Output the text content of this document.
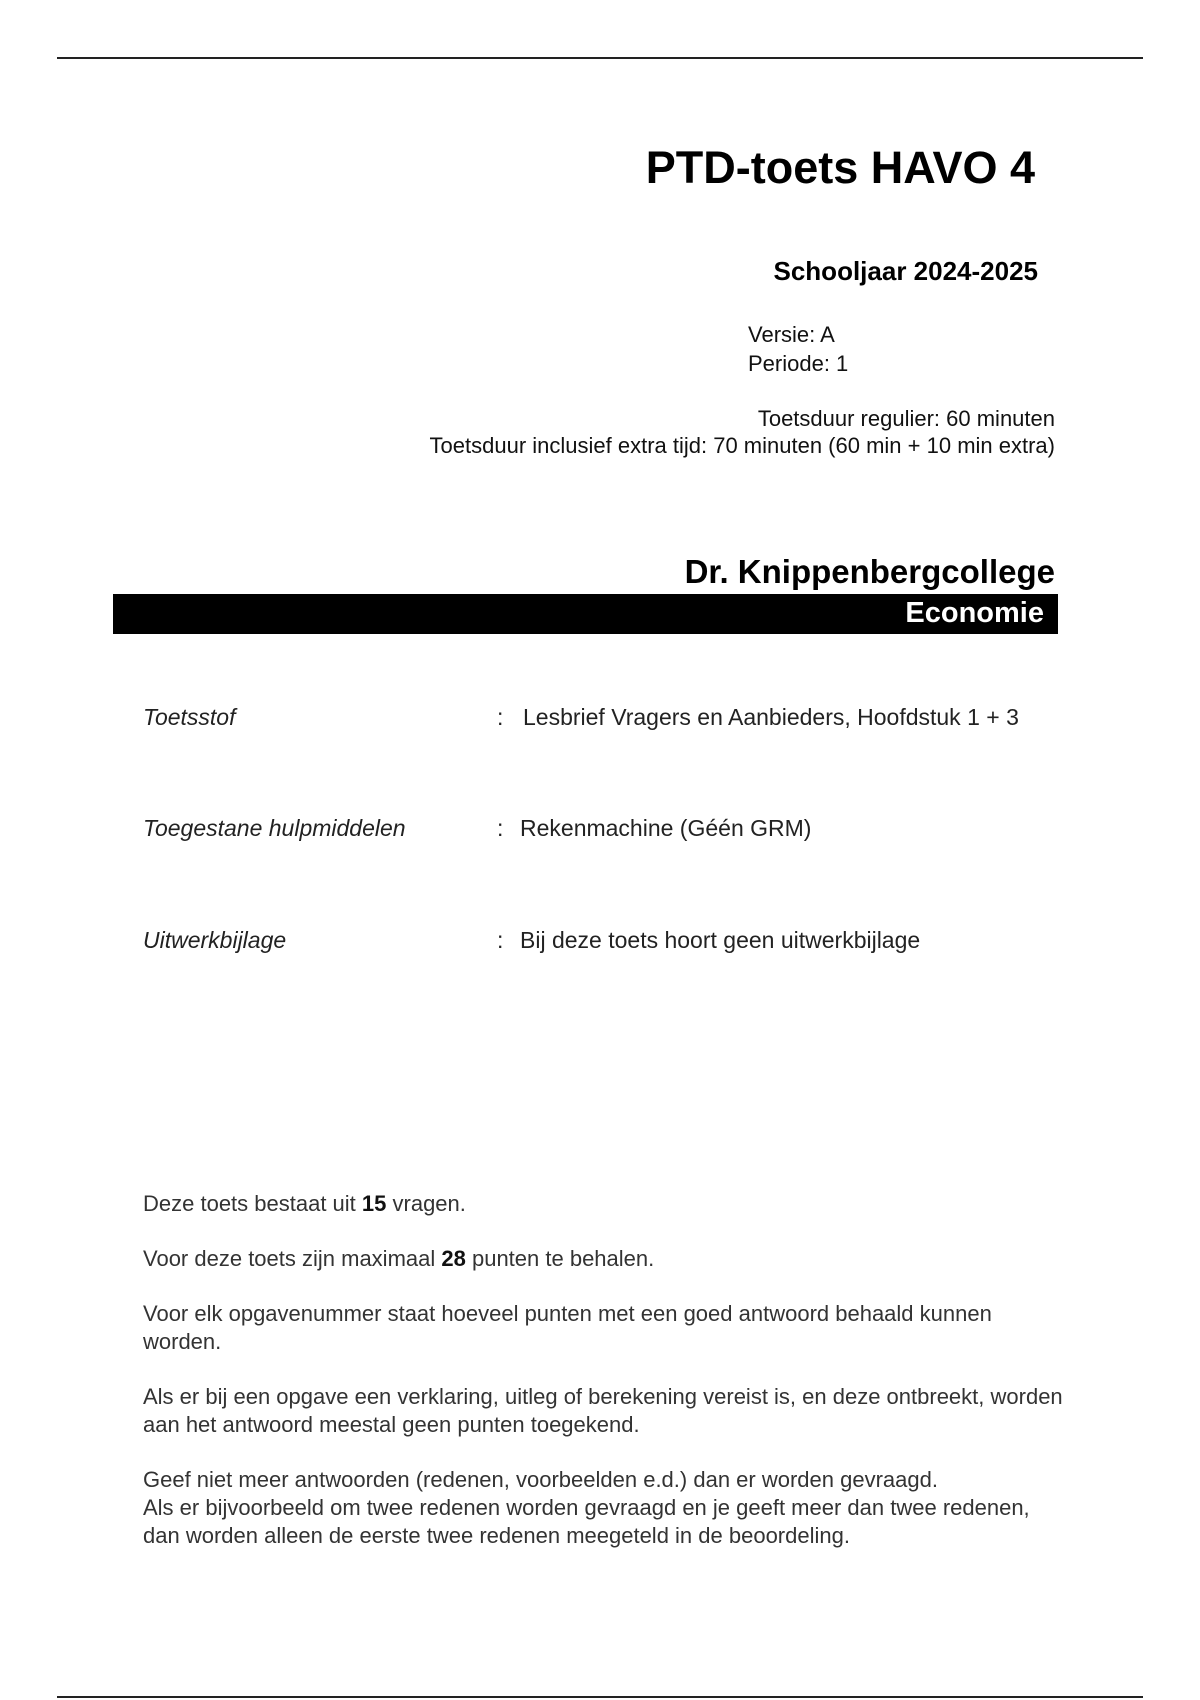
PTD-toets HAVO 4
Schooljaar 2024-2025
Versie: A
Periode: 1
Toetsduur regulier: 60 minuten
Toetsduur inclusief extra tijd: 70 minuten (60 min + 10 min extra)
Dr. Knippenbergcollege
Economie
Toetsstof	: Lesbrief Vragers en Aanbieders, Hoofdstuk 1 + 3
Toegestane hulpmiddelen	: Rekenmachine (Géén GRM)
Uitwerkbijlage	: Bij deze toets hoort geen uitwerkbijlage

Deze toets bestaat uit 15 vragen.

Voor deze toets zijn maximaal 28 punten te behalen.

Voor elk opgavenummer staat hoeveel punten met een goed antwoord behaald kunnen worden.

Als er bij een opgave een verklaring, uitleg of berekening vereist is, en deze ontbreekt, worden aan het antwoord meestal geen punten toegekend.

Geef niet meer antwoorden (redenen, voorbeelden e.d.) dan er worden gevraagd.
Als er bijvoorbeeld om twee redenen worden gevraagd en je geeft meer dan twee redenen, dan worden alleen de eerste twee redenen meegeteld in de beoordeling.
